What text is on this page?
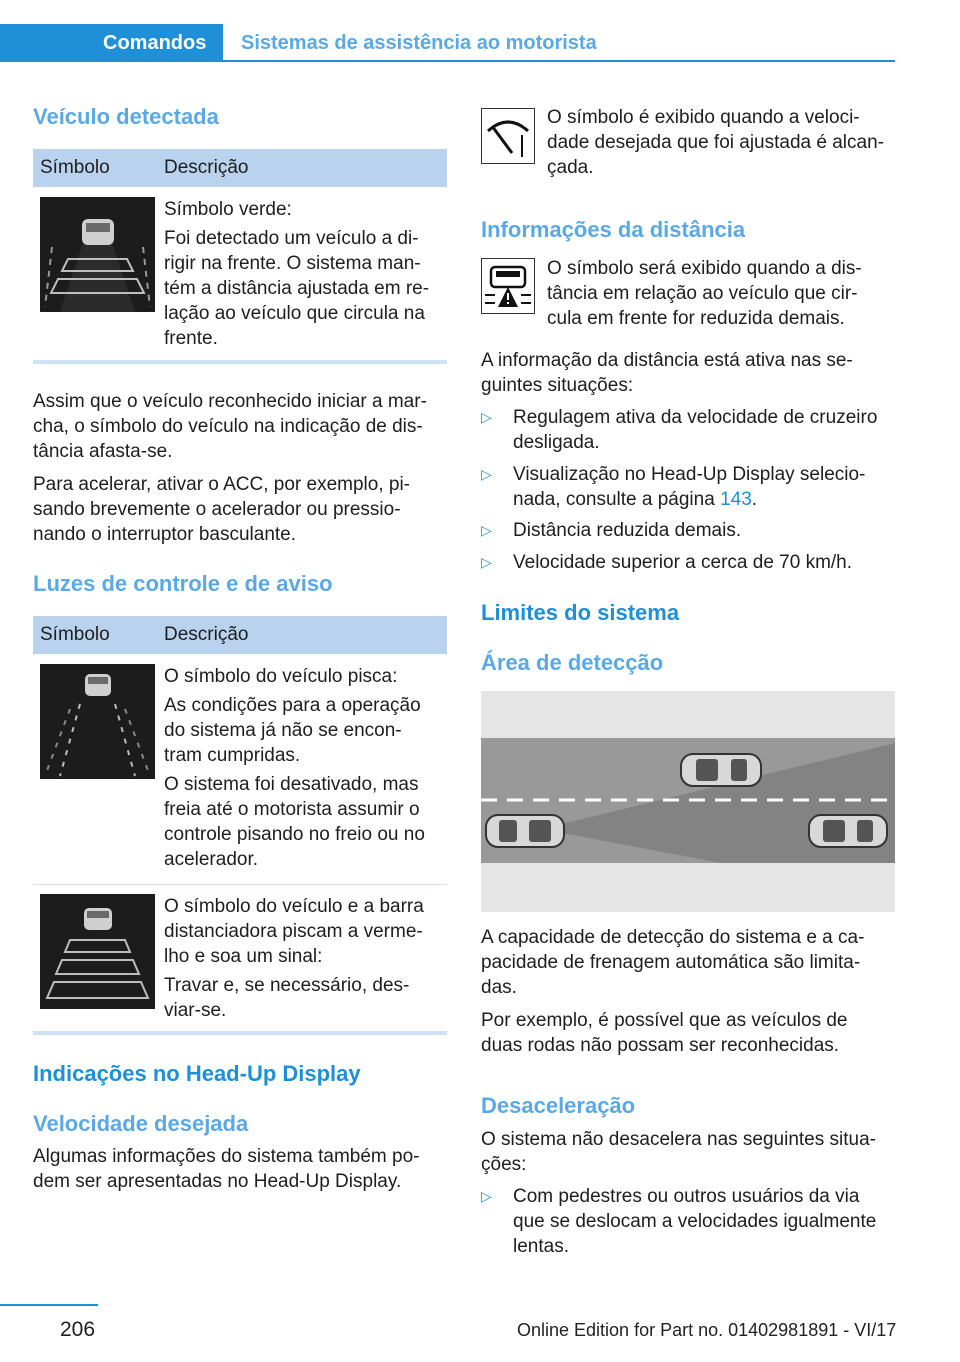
Comandos	Sistemas de assistência ao motorista
Veículo detectada
Símbolo	Descrição
Símbolo verde:
Foi detectado um veículo a di-
rigir na frente. O sistema man-
tém a distância ajustada em re-
lação ao veículo que circula na
frente.
Assim que o veículo reconhecido iniciar a mar-
cha, o símbolo do veículo na indicação de dis-
tância afasta-se.
Para acelerar, ativar o ACC, por exemplo, pi-
sando brevemente o acelerador ou pressio-
nando o interruptor basculante.
Luzes de controle e de aviso
Símbolo	Descrição
O símbolo do veículo pisca:
As condições para a operação
do sistema já não se encon-
tram cumpridas.
O sistema foi desativado, mas
freia até o motorista assumir o
controle pisando no freio ou no
acelerador.
O símbolo do veículo e a barra
distanciadora piscam a verme-
lho e soa um sinal:
Travar e, se necessário, des-
viar-se.
Indicações no Head-Up Display
Velocidade desejada
Algumas informações do sistema também po-
dem ser apresentadas no Head-Up Display.
O símbolo é exibido quando a veloci-
dade desejada que foi ajustada é alcan-
çada.
Informações da distância
O símbolo será exibido quando a dis-
tância em relação ao veículo que cir-
cula em frente for reduzida demais.
A informação da distância está ativa nas se-
guintes situações:
▷ Regulagem ativa da velocidade de cruzeiro
desligada.
▷ Visualização no Head-Up Display selecio-
nada, consulte a página 143.
▷ Distância reduzida demais.
▷ Velocidade superior a cerca de 70 km/h.
Limites do sistema
Área de detecção
A capacidade de detecção do sistema e a ca-
pacidade de frenagem automática são limita-
das.
Por exemplo, é possível que as veículos de
duas rodas não possam ser reconhecidas.
Desaceleração
O sistema não desacelera nas seguintes situa-
ções:
▷ Com pedestres ou outros usuários da via
que se deslocam a velocidades igualmente
lentas.
206	Online Edition for Part no. 01402981891 - VI/17
